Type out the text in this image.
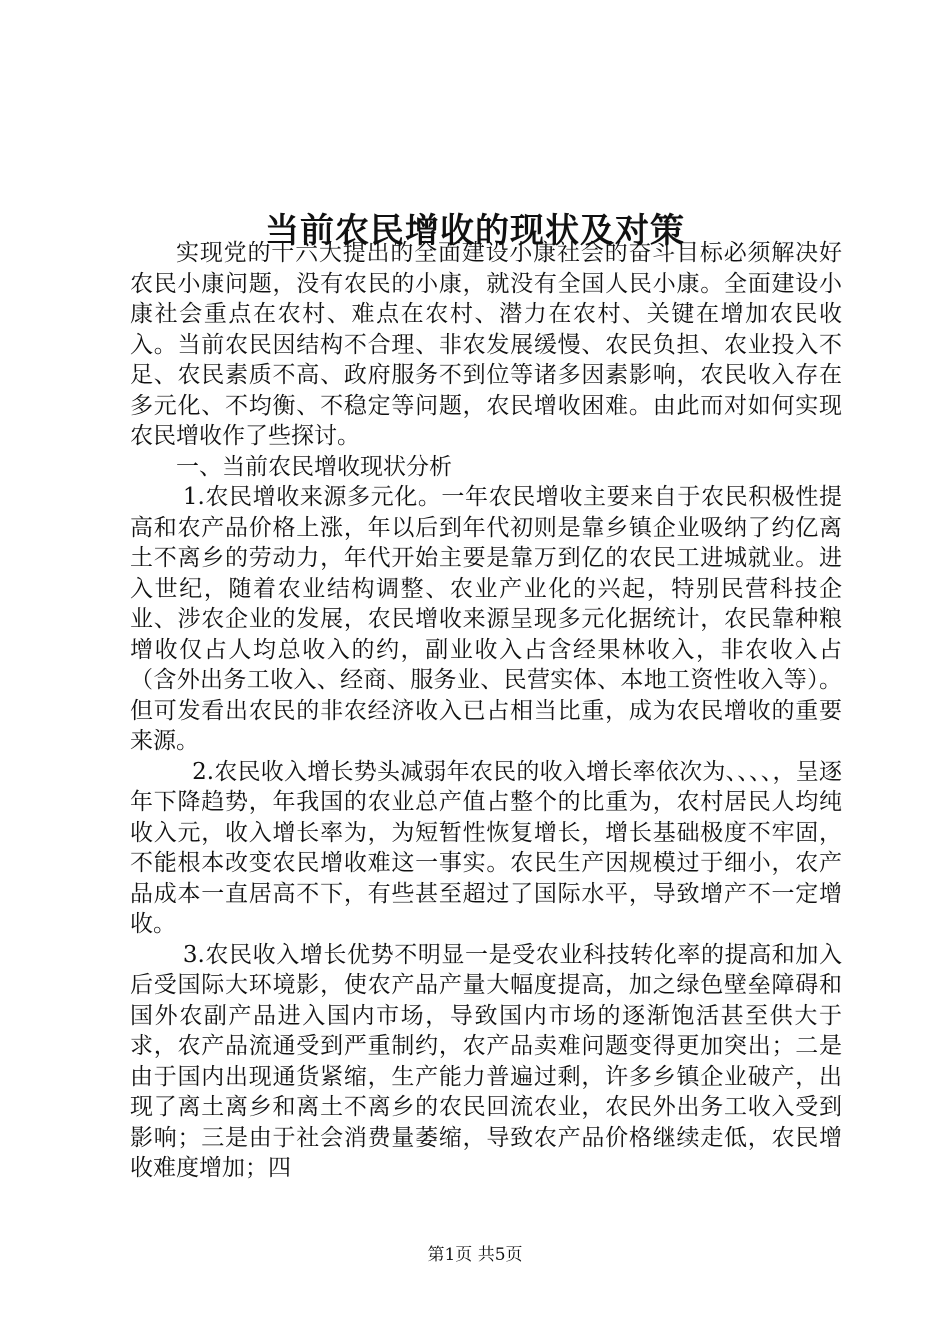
当前农民增收的现状及对策

实现党的十六大提出的全面建设小康社会的奋斗目标必须解决好农民小康问题，没有农民的小康，就没有全国人民小康。全面建设小康社会重点在农村、难点在农村、潜力在农村、关键在增加农民收入。当前农民因结构不合理、非农发展缓慢、农民负担、农业投入不足、农民素质不高、政府服务不到位等诸多因素影响，农民收入存在多元化、不均衡、不稳定等问题，农民增收困难。由此而对如何实现农民增收作了些探讨。

一、当前农民增收现状分析

1.农民增收来源多元化。一年农民增收主要来自于农民积极性提高和农产品价格上涨，年以后到年代初则是靠乡镇企业吸纳了约亿离土不离乡的劳动力，年代开始主要是靠万到亿的农民工进城就业。进入世纪，随着农业结构调整、农业产业化的兴起，特别民营科技企业、涉农企业的发展，农民增收来源呈现多元化据统计，农民靠种粮增收仅占人均总收入的约，副业收入占含经果林收入，非农收入占（含外出务工收入、经商、服务业、民营实体、本地工资性收入等）。但可发看出农民的非农经济收入已占相当比重，成为农民增收的重要来源。

2.农民收入增长势头减弱年农民的收入增长率依次为、、、、，呈逐年下降趋势，年我国的农业总产值占整个的比重为，农村居民人均纯收入元，收入增长率为，为短暂性恢复增长，增长基础极度不牢固，不能根本改变农民增收难这一事实。农民生产因规模过于细小，农产品成本一直居高不下，有些甚至超过了国际水平，导致增产不一定增收。

3.农民收入增长优势不明显一是受农业科技转化率的提高和加入后受国际大环境影，使农产品产量大幅度提高，加之绿色壁垒障碍和国外农副产品进入国内市场，导致国内市场的逐渐饱活甚至供大于求，农产品流通受到严重制约，农产品卖难问题变得更加突出；二是由于国内出现通货紧缩，生产能力普遍过剩，许多乡镇企业破产，出现了离土离乡和离土不离乡的农民回流农业，农民外出务工收入受到影响；三是由于社会消费量萎缩，导致农产品价格继续走低，农民增收难度增加；四

第1页 共5页
